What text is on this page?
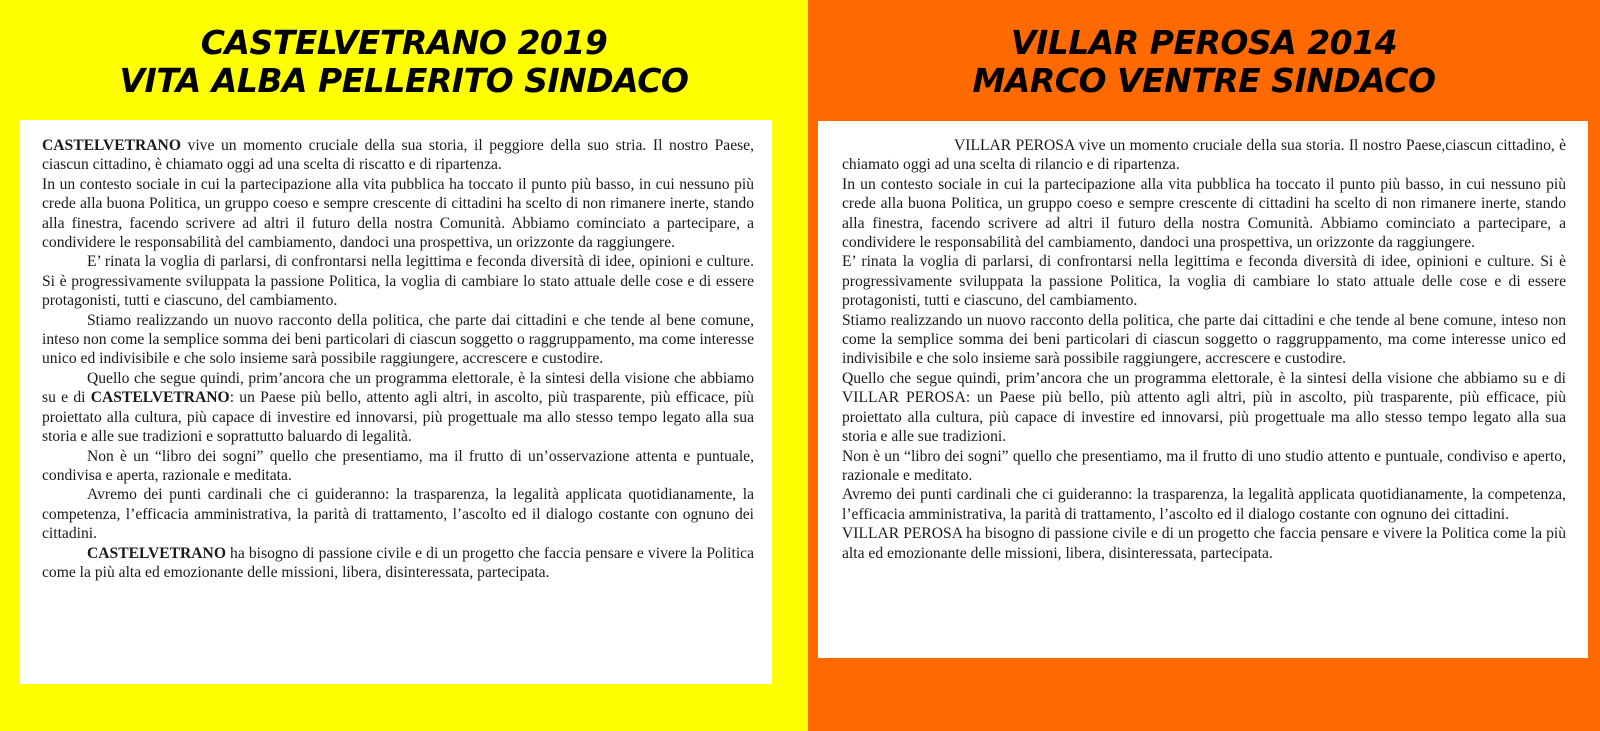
CASTELVETRANO 2019
VITA ALBA PELLERITO SINDACO

CASTELVETRANO vive un momento cruciale della sua storia, il peggiore della suo stria. Il nostro Paese, ciascun cittadino, è chiamato oggi ad una scelta di riscatto e di ripartenza.

In un contesto sociale in cui la partecipazione alla vita pubblica ha toccato il punto più basso, in cui nessuno più crede alla buona Politica, un gruppo coeso e sempre crescente di cittadini ha scelto di non rimanere inerte, stando alla finestra, facendo scrivere ad altri il futuro della nostra Comunità. Abbiamo cominciato a partecipare, a condividere le responsabilità del cambiamento, dandoci una prospettiva, un orizzonte da raggiungere.

E’ rinata la voglia di parlarsi, di confrontarsi nella legittima e feconda diversità di idee, opinioni e culture. Si è progressivamente sviluppata la passione Politica, la voglia di cambiare lo stato attuale delle cose e di essere protagonisti, tutti e ciascuno, del cambiamento.

Stiamo realizzando un nuovo racconto della politica, che parte dai cittadini e che tende al bene comune, inteso non come la semplice somma dei beni particolari di ciascun soggetto o raggruppamento, ma come interesse unico ed indivisibile e che solo insieme sarà possibile raggiungere, accrescere e custodire.

Quello che segue quindi, prim’ancora che un programma elettorale, è la sintesi della visione che abbiamo su e di CASTELVETRANO: un Paese più bello, attento agli altri, in ascolto, più trasparente, più efficace, più proiettato alla cultura, più capace di investire ed innovarsi, più progettuale ma allo stesso tempo legato alla sua storia e alle sue tradizioni e soprattutto baluardo di legalità.

Non è un “libro dei sogni” quello che presentiamo, ma il frutto di un’osservazione attenta e puntuale, condivisa e aperta, razionale e meditata.

Avremo dei punti cardinali che ci guideranno: la trasparenza, la legalità applicata quotidianamente, la competenza, l’efficacia amministrativa, la parità di trattamento, l’ascolto ed il dialogo costante con ognuno dei cittadini.

CASTELVETRANO ha bisogno di passione civile e di un progetto che faccia pensare e vivere la Politica come la più alta ed emozionante delle missioni, libera, disinteressata, partecipata.

VILLAR PEROSA 2014
MARCO VENTRE SINDACO

VILLAR PEROSA vive un momento cruciale della sua storia. Il nostro Paese,ciascun cittadino, è chiamato oggi ad una scelta di rilancio e di ripartenza.

In un contesto sociale in cui la partecipazione alla vita pubblica ha toccato il punto più basso, in cui nessuno più crede alla buona Politica, un gruppo coeso e sempre crescente di cittadini ha scelto di non rimanere inerte, stando alla finestra, facendo scrivere ad altri il futuro della nostra Comunità. Abbiamo cominciato a partecipare, a condividere le responsabilità del cambiamento, dandoci una prospettiva, un orizzonte da raggiungere.

E’ rinata la voglia di parlarsi, di confrontarsi nella legittima e feconda diversità di idee, opinioni e culture. Si è progressivamente sviluppata la passione Politica, la voglia di cambiare lo stato attuale delle cose e di essere protagonisti, tutti e ciascuno, del cambiamento.

Stiamo realizzando un nuovo racconto della politica, che parte dai cittadini e che tende al bene comune, inteso non come la semplice somma dei beni particolari di ciascun soggetto o raggruppamento, ma come interesse unico ed indivisibile e che solo insieme sarà possibile raggiungere, accrescere e custodire.

Quello che segue quindi, prim’ancora che un programma elettorale, è la sintesi della visione che abbiamo su e di VILLAR PEROSA: un Paese più bello, più attento agli altri, più in ascolto, più trasparente, più efficace, più proiettato alla cultura, più capace di investire ed innovarsi, più progettuale ma allo stesso tempo legato alla sua storia e alle sue tradizioni.

Non è un “libro dei sogni” quello che presentiamo, ma il frutto di uno studio attento e puntuale, condiviso e aperto, razionale e meditato.

Avremo dei punti cardinali che ci guideranno: la trasparenza, la legalità applicata quotidianamente, la competenza, l’efficacia amministrativa, la parità di trattamento, l’ascolto ed il dialogo costante con ognuno dei cittadini.

VILLAR PEROSA ha bisogno di passione civile e di un progetto che faccia pensare e vivere la Politica come la più alta ed emozionante delle missioni, libera, disinteressata, partecipata.
